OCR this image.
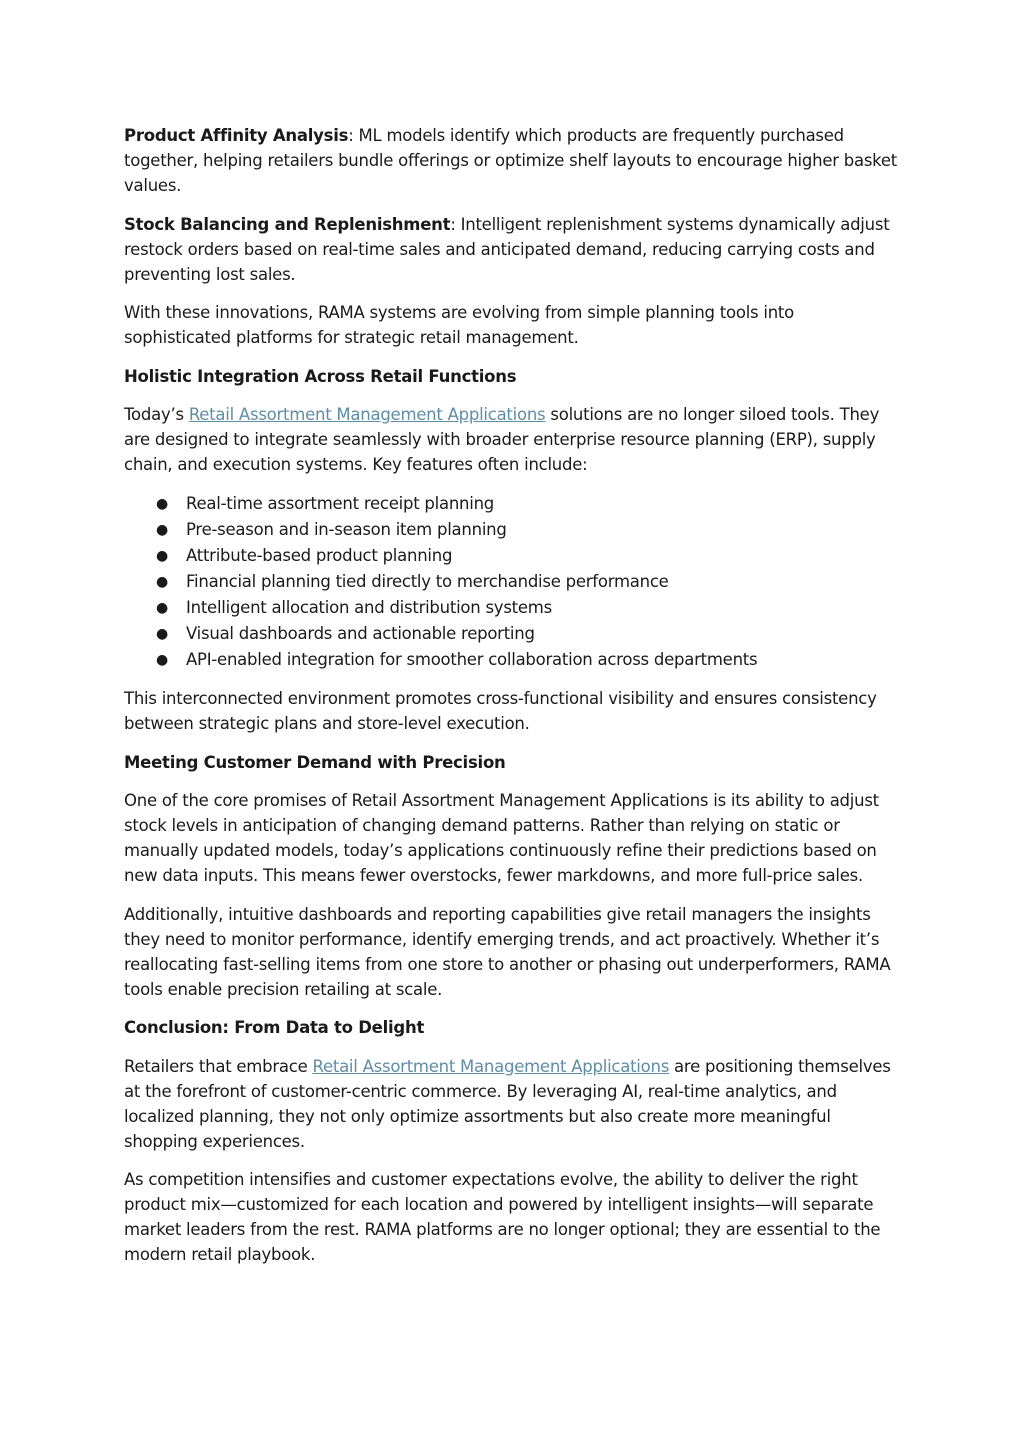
Product Affinity Analysis: ML models identify which products are frequently purchased together, helping retailers bundle offerings or optimize shelf layouts to encourage higher basket values.

Stock Balancing and Replenishment: Intelligent replenishment systems dynamically adjust restock orders based on real-time sales and anticipated demand, reducing carrying costs and preventing lost sales.

With these innovations, RAMA systems are evolving from simple planning tools into sophisticated platforms for strategic retail management.

Holistic Integration Across Retail Functions

Today’s Retail Assortment Management Applications solutions are no longer siloed tools. They are designed to integrate seamlessly with broader enterprise resource planning (ERP), supply chain, and execution systems. Key features often include:

● Real-time assortment receipt planning
● Pre-season and in-season item planning
● Attribute-based product planning
● Financial planning tied directly to merchandise performance
● Intelligent allocation and distribution systems
● Visual dashboards and actionable reporting
● API-enabled integration for smoother collaboration across departments

This interconnected environment promotes cross-functional visibility and ensures consistency between strategic plans and store-level execution.

Meeting Customer Demand with Precision

One of the core promises of Retail Assortment Management Applications is its ability to adjust stock levels in anticipation of changing demand patterns. Rather than relying on static or manually updated models, today’s applications continuously refine their predictions based on new data inputs. This means fewer overstocks, fewer markdowns, and more full-price sales.

Additionally, intuitive dashboards and reporting capabilities give retail managers the insights they need to monitor performance, identify emerging trends, and act proactively. Whether it’s reallocating fast-selling items from one store to another or phasing out underperformers, RAMA tools enable precision retailing at scale.

Conclusion: From Data to Delight

Retailers that embrace Retail Assortment Management Applications are positioning themselves at the forefront of customer-centric commerce. By leveraging AI, real-time analytics, and localized planning, they not only optimize assortments but also create more meaningful shopping experiences.

As competition intensifies and customer expectations evolve, the ability to deliver the right product mix—customized for each location and powered by intelligent insights—will separate market leaders from the rest. RAMA platforms are no longer optional; they are essential to the modern retail playbook.
